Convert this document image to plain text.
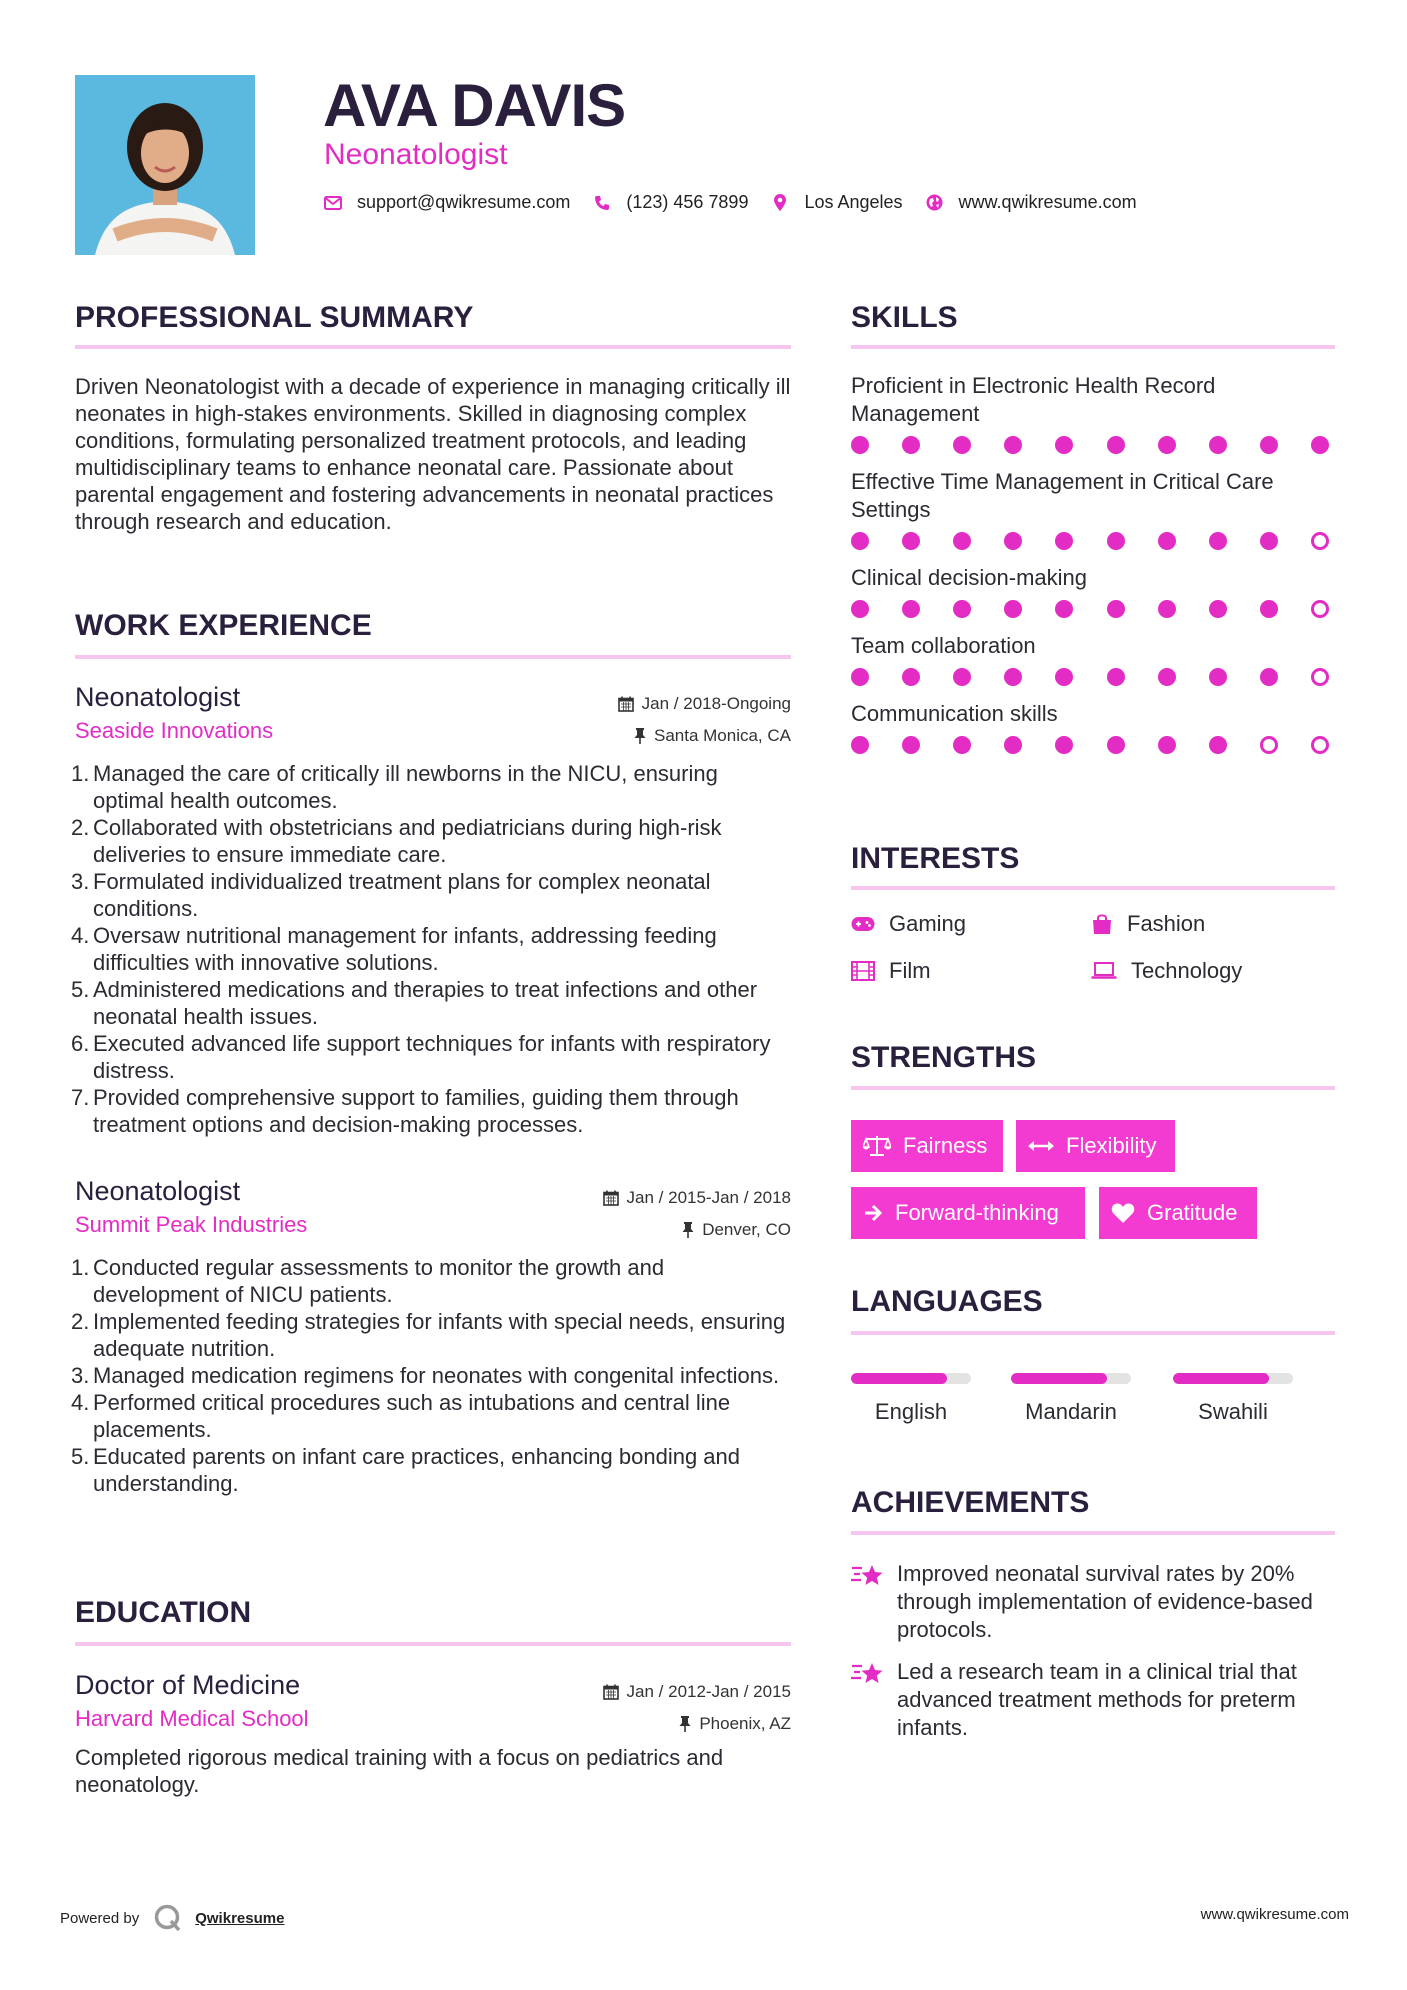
AVA DAVIS
Neonatologist
support@qwikresume.com	(123) 456 7899	Los Angeles	www.qwikresume.com
PROFESSIONAL SUMMARY
Driven Neonatologist with a decade of experience in managing critically ill neonates in high-stakes environments. Skilled in diagnosing complex conditions, formulating personalized treatment protocols, and leading multidisciplinary teams to enhance neonatal care. Passionate about parental engagement and fostering advancements in neonatal practices through research and education.
WORK EXPERIENCE
Neonatologist	Jan / 2018-Ongoing
Seaside Innovations	Santa Monica, CA
Managed the care of critically ill newborns in the NICU, ensuring optimal health outcomes.
Collaborated with obstetricians and pediatricians during high-risk deliveries to ensure immediate care.
Formulated individualized treatment plans for complex neonatal conditions.
Oversaw nutritional management for infants, addressing feeding difficulties with innovative solutions.
Administered medications and therapies to treat infections and other neonatal health issues.
Executed advanced life support techniques for infants with respiratory distress.
Provided comprehensive support to families, guiding them through treatment options and decision-making processes.
Neonatologist	Jan / 2015-Jan / 2018
Summit Peak Industries	Denver, CO
Conducted regular assessments to monitor the growth and development of NICU patients.
Implemented feeding strategies for infants with special needs, ensuring adequate nutrition.
Managed medication regimens for neonates with congenital infections.
Performed critical procedures such as intubations and central line placements.
Educated parents on infant care practices, enhancing bonding and understanding.
EDUCATION
Doctor of Medicine	Jan / 2012-Jan / 2015
Harvard Medical School	Phoenix, AZ
Completed rigorous medical training with a focus on pediatrics and neonatology.
SKILLS
Proficient in Electronic Health Record Management
Effective Time Management in Critical Care Settings
Clinical decision-making
Team collaboration
Communication skills
INTERESTS
Gaming	Fashion
Film	Technology
STRENGTHS
Fairness	Flexibility
Forward-thinking	Gratitude
LANGUAGES
English	Mandarin	Swahili
ACHIEVEMENTS
Improved neonatal survival rates by 20% through implementation of evidence-based protocols.
Led a research team in a clinical trial that advanced treatment methods for preterm infants.
Powered by	Qwikresume	www.qwikresume.com
